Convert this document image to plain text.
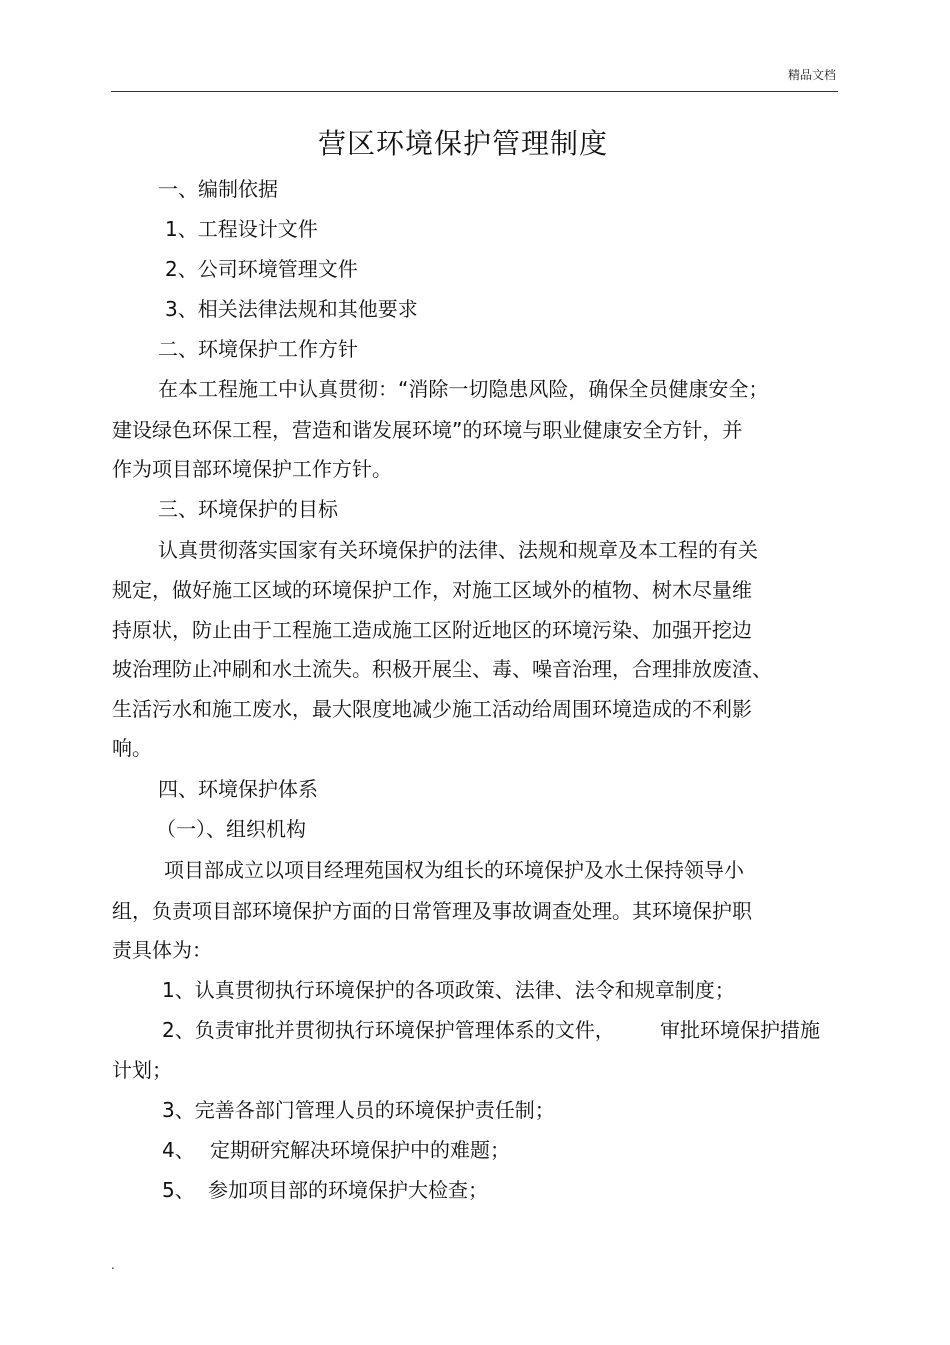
精品文档
营区环境保护管理制度
一、编制依据
1、工程设计文件
2、公司环境管理文件
3、相关法律法规和其他要求
二、环境保护工作方针
在本工程施工中认真贯彻：“消除一切隐患风险，确保全员健康安全；
建设绿色环保工程，营造和谐发展环境”的环境与职业健康安全方针，并
作为项目部环境保护工作方针。
三、环境保护的目标
认真贯彻落实国家有关环境保护的法律、法规和规章及本工程的有关
规定，做好施工区域的环境保护工作，对施工区域外的植物、树木尽量维
持原状，防止由于工程施工造成施工区附近地区的环境污染、加强开挖边
坡治理防止冲刷和水土流失。积极开展尘、毒、噪音治理，合理排放废渣、
生活污水和施工废水，最大限度地减少施工活动给周围环境造成的不利影
响。
四、环境保护体系
（一）、组织机构
项目部成立以项目经理苑国权为组长的环境保护及水土保持领导小
组，负责项目部环境保护方面的日常管理及事故调查处理。其环境保护职
责具体为：
1、认真贯彻执行环境保护的各项政策、法律、法令和规章制度；
2、负责审批并贯彻执行环境保护管理体系的文件， 审批环境保护措施
计划；
3、完善各部门管理人员的环境保护责任制；
4、 定期研究解决环境保护中的难题；
5、 参加项目部的环境保护大检查；
.
